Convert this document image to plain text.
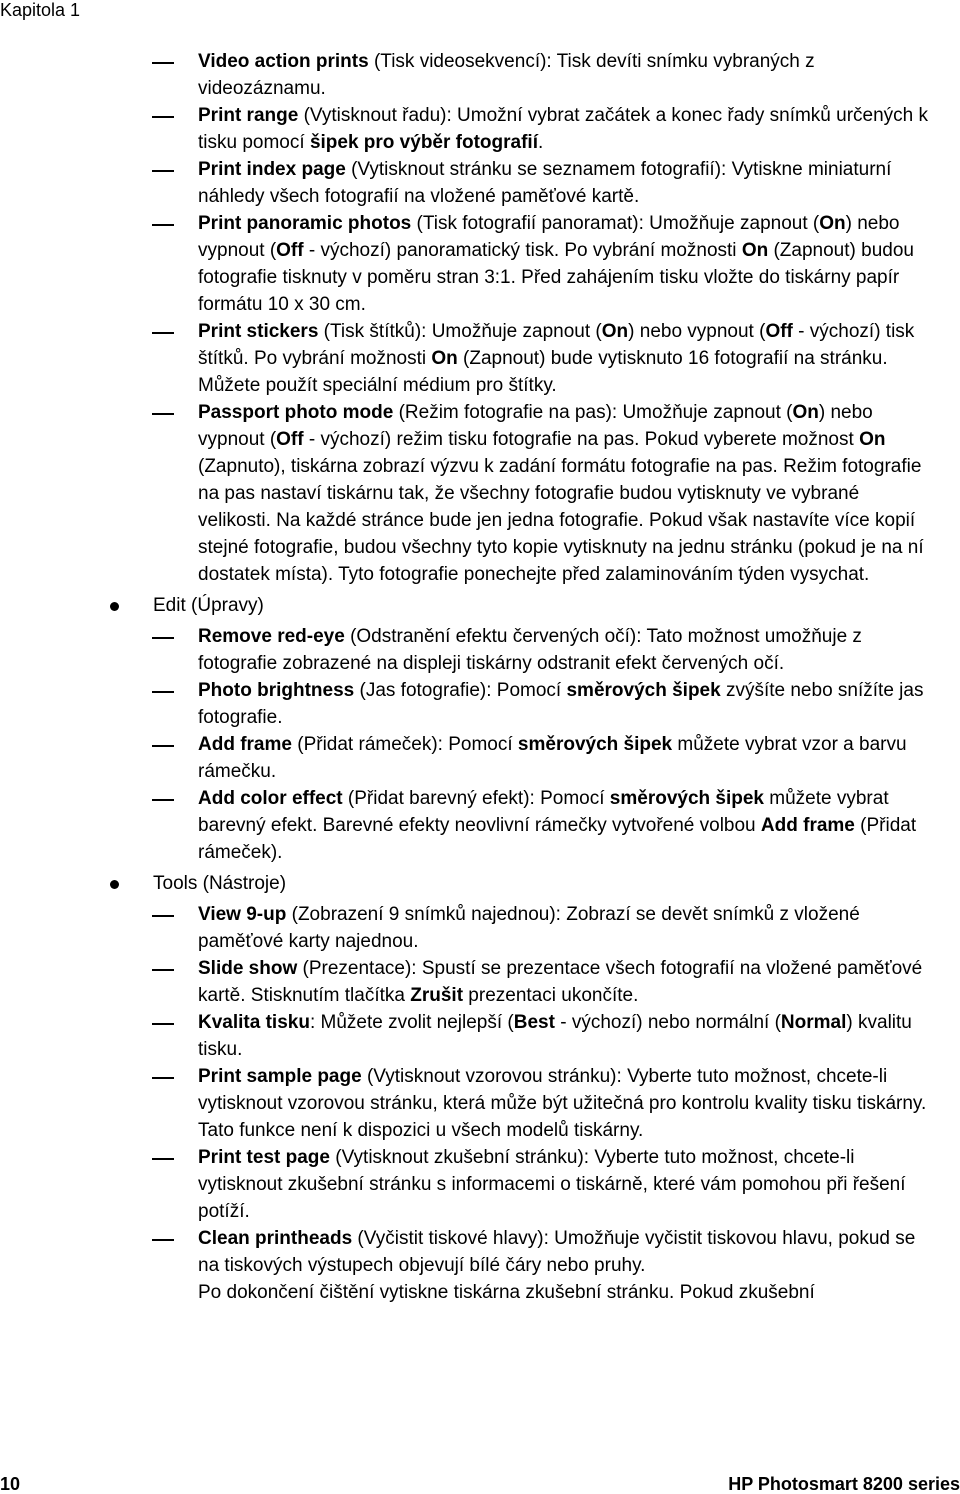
Kapitola 1
Video action prints (Tisk videosekvencí): Tisk devíti snímku vybraných z videozáznamu.
Print range (Vytisknout řadu): Umožní vybrat začátek a konec řady snímků určených k tisku pomocí šipek pro výběr fotografií.
Print index page (Vytisknout stránku se seznamem fotografií): Vytiskne miniaturní náhledy všech fotografií na vložené paměťové kartě.
Print panoramic photos (Tisk fotografií panoramat): Umožňuje zapnout (On) nebo vypnout (Off - výchozí) panoramatický tisk. Po vybrání možnosti On (Zapnout) budou fotografie tisknuty v poměru stran 3:1. Před zahájením tisku vložte do tiskárny papír formátu 10 x 30 cm.
Print stickers (Tisk štítků): Umožňuje zapnout (On) nebo vypnout (Off - výchozí) tisk štítků. Po vybrání možnosti On (Zapnout) bude vytisknuto 16 fotografií na stránku. Můžete použít speciální médium pro štítky.
Passport photo mode (Režim fotografie na pas): Umožňuje zapnout (On) nebo vypnout (Off - výchozí) režim tisku fotografie na pas. Pokud vyberete možnost On (Zapnuto), tiskárna zobrazí výzvu k zadání formátu fotografie na pas. Režim fotografie na pas nastaví tiskárnu tak, že všechny fotografie budou vytisknuty ve vybrané velikosti. Na každé stránce bude jen jedna fotografie. Pokud však nastavíte více kopií stejné fotografie, budou všechny tyto kopie vytisknuty na jednu stránku (pokud je na ní dostatek místa). Tyto fotografie ponechejte před zalaminováním týden vysychat.
Edit (Úpravy)
Remove red-eye (Odstranění efektu červených očí): Tato možnost umožňuje z fotografie zobrazené na displeji tiskárny odstranit efekt červených očí.
Photo brightness (Jas fotografie): Pomocí směrových šipek zvýšíte nebo snížíte jas fotografie.
Add frame (Přidat rámeček): Pomocí směrových šipek můžete vybrat vzor a barvu rámečku.
Add color effect (Přidat barevný efekt): Pomocí směrových šipek můžete vybrat barevný efekt. Barevné efekty neovlivní rámečky vytvořené volbou Add frame (Přidat rámeček).
Tools (Nástroje)
View 9-up (Zobrazení 9 snímků najednou): Zobrazí se devět snímků z vložené paměťové karty najednou.
Slide show (Prezentace): Spustí se prezentace všech fotografií na vložené paměťové kartě. Stisknutím tlačítka Zrušit prezentaci ukončíte.
Kvalita tisku: Můžete zvolit nejlepší (Best - výchozí) nebo normální (Normal) kvalitu tisku.
Print sample page (Vytisknout vzorovou stránku): Vyberte tuto možnost, chcete-li vytisknout vzorovou stránku, která může být užitečná pro kontrolu kvality tisku tiskárny. Tato funkce není k dispozici u všech modelů tiskárny.
Print test page (Vytisknout zkušební stránku): Vyberte tuto možnost, chcete-li vytisknout zkušební stránku s informacemi o tiskárně, které vám pomohou při řešení potíží.
Clean printheads (Vyčistit tiskové hlavy): Umožňuje vyčistit tiskovou hlavu, pokud se na tiskových výstupech objevují bílé čáry nebo pruhy.
Po dokončení čištění vytiskne tiskárna zkušební stránku. Pokud zkušební
10	HP Photosmart 8200 series
